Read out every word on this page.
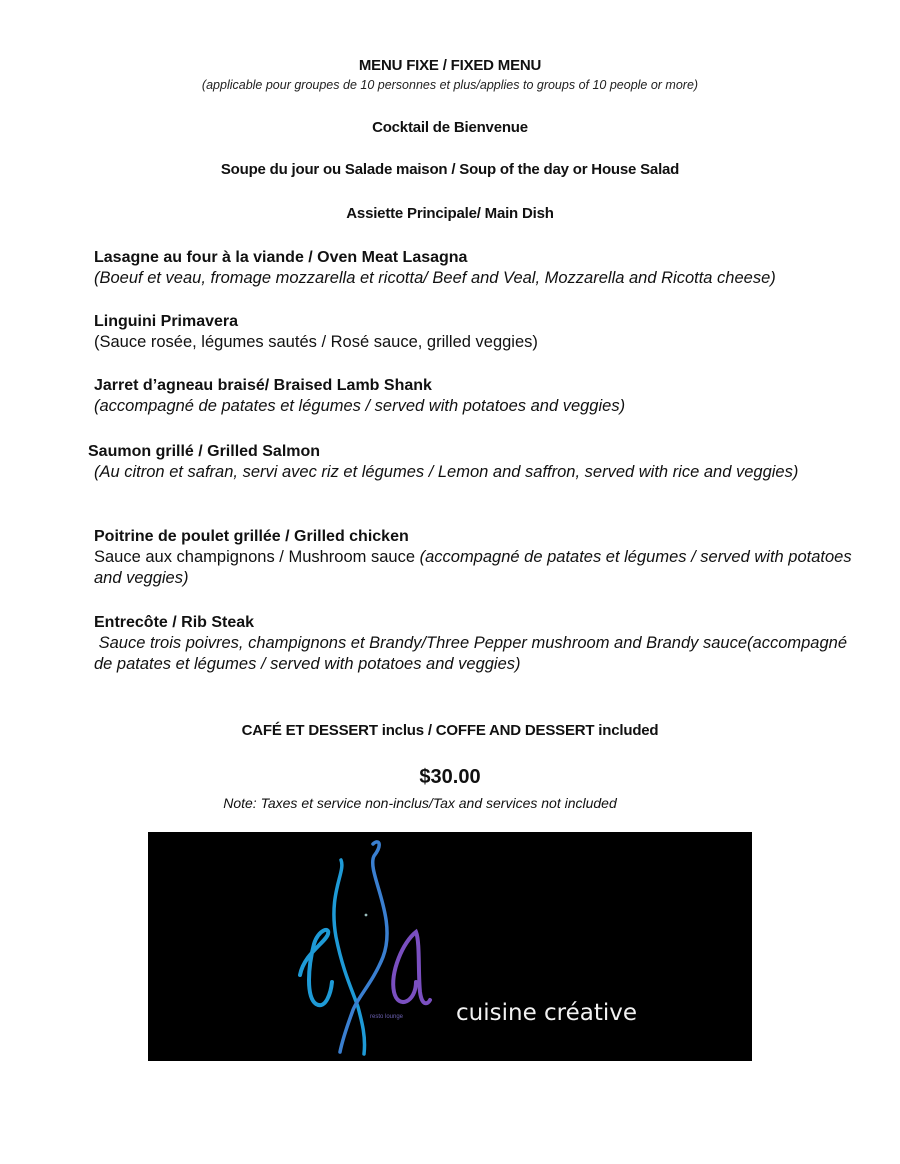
MENU FIXE / FIXED MENU
(applicable pour groupes de 10 personnes et plus/applies to groups of 10 people or more)
Cocktail de Bienvenue
Soupe du jour ou Salade maison / Soup of the day or House Salad
Assiette Principale/ Main Dish
Lasagne au four à la viande / Oven Meat Lasagna
(Boeuf et veau, fromage mozzarella et ricotta/ Beef and Veal, Mozzarella and Ricotta cheese)
Linguini Primavera
(Sauce rosée, légumes sautés / Rosé sauce, grilled veggies)
Jarret d’agneau braisé/ Braised Lamb Shank
(accompagné de patates et légumes / served with potatoes and veggies)
Saumon grillé / Grilled Salmon
(Au citron et safran, servi avec riz et légumes / Lemon and saffron, served with rice and veggies)
Poitrine de poulet grillée / Grilled chicken
Sauce aux champignons / Mushroom sauce (accompagné de patates et légumes / served with potatoes and veggies)
Entrecôte / Rib Steak
Sauce trois poivres, champignons et Brandy/Three Pepper mushroom and Brandy sauce(accompagné de patates et légumes / served with potatoes and veggies)
CAFÉ ET DESSERT inclus / COFFE AND DESSERT included
$30.00
Note: Taxes et service non-inclus/Tax and services not included
resto lounge cuisine créative
